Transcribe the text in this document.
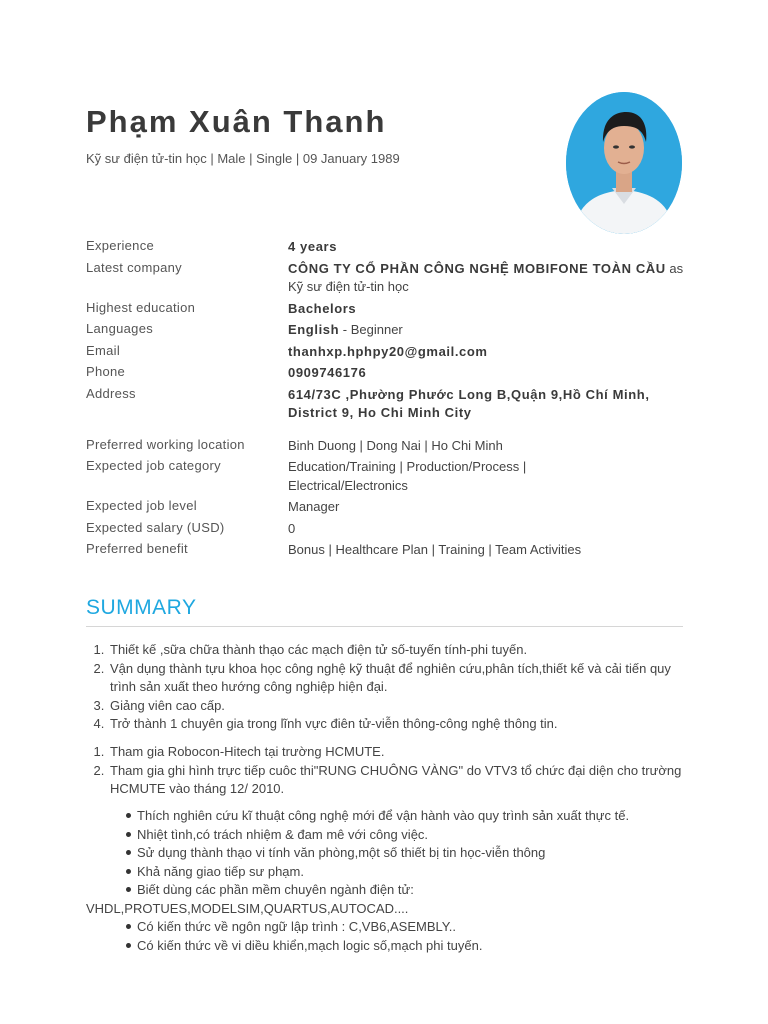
Phạm Xuân Thanh
Kỹ sư điện tử-tin học | Male | Single | 09 January 1989
Experience	4 years
Latest company	CÔNG TY CỔ PHẦN CÔNG NGHỆ MOBIFONE TOÀN CẦU as Kỹ sư điện tử-tin học
Highest education	Bachelors
Languages	English - Beginner
Email	thanhxp.hphpy20@gmail.com
Phone	0909746176
Address	614/73C ,Phường Phước Long B,Quận 9,Hồ Chí Minh, District 9, Ho Chi Minh City
Preferred working location	Binh Duong | Dong Nai | Ho Chi Minh
Expected job category	Education/Training | Production/Process | Electrical/Electronics
Expected job level	Manager
Expected salary (USD)	0
Preferred benefit	Bonus | Healthcare Plan | Training | Team Activities
SUMMARY
1. Thiết kế ,sữa chữa thành thạo các mạch điện tử số-tuyến tính-phi tuyến.
2. Vận dụng thành tựu khoa học công nghệ kỹ thuật để nghiên cứu,phân tích,thiết kế và cải tiến quy trình sản xuất theo hướng công nghiệp hiện đại.
3. Giảng viên cao cấp.
4. Trở thành 1 chuyên gia trong lĩnh vực điên tử-viễn thông-công nghệ thông tin.
1. Tham gia Robocon-Hitech tại trường HCMUTE.
2. Tham gia ghi hình trực tiếp cuôc thi"RUNG CHUÔNG VÀNG" do VTV3 tổ chức đại diện cho trường HCMUTE vào tháng 12/ 2010.
Thích nghiên cứu kĩ thuật công nghệ mới để vận hành vào quy trình sản xuất thực tế.
Nhiệt tình,có trách nhiệm & đam mê với công việc.
Sử dụng thành thạo vi tính văn phòng,một số thiết bị tin học-viễn thông
Khả năng giao tiếp sư phạm.
Biết dùng các phần mềm chuyên ngành điện tử:
VHDL,PROTUES,MODELSIM,QUARTUS,AUTOCAD....
Có kiến thức về ngôn ngữ lập trình : C,VB6,ASEMBLY..
Có kiến thức về vi diều khiển,mạch logic số,mạch phi tuyến.
